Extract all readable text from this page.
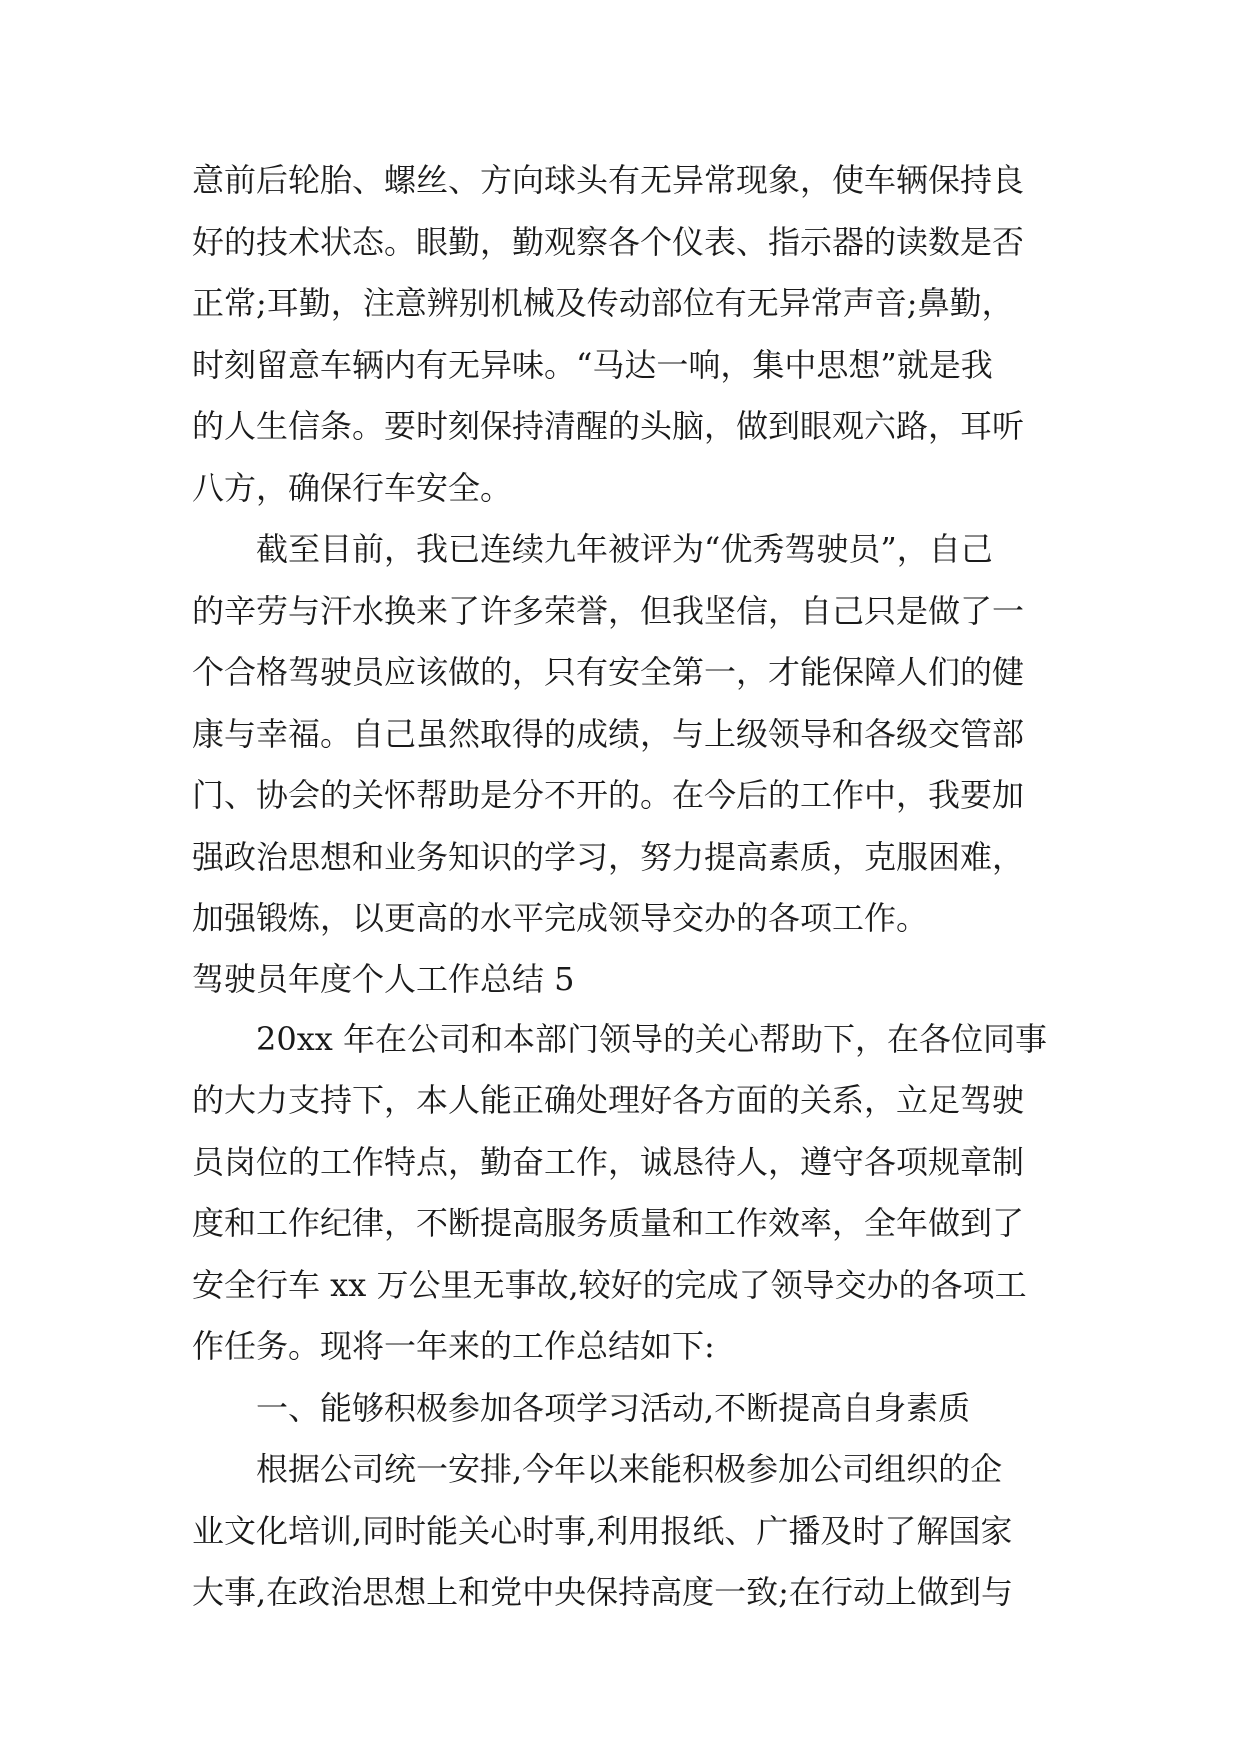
意前后轮胎、螺丝、方向球头有无异常现象，使车辆保持良
好的技术状态。眼勤，勤观察各个仪表、指示器的读数是否
正常;耳勤，注意辨别机械及传动部位有无异常声音;鼻勤，
时刻留意车辆内有无异味。“马达一响，集中思想”就是我
的人生信条。要时刻保持清醒的头脑，做到眼观六路，耳听
八方，确保行车安全。
截至目前，我已连续九年被评为“优秀驾驶员”，自己
的辛劳与汗水换来了许多荣誉，但我坚信，自己只是做了一
个合格驾驶员应该做的，只有安全第一，才能保障人们的健
康与幸福。自己虽然取得的成绩，与上级领导和各级交管部
门、协会的关怀帮助是分不开的。在今后的工作中，我要加
强政治思想和业务知识的学习，努力提高素质，克服困难，
加强锻炼，以更高的水平完成领导交办的各项工作。
驾驶员年度个人工作总结 5
20xx 年在公司和本部门领导的关心帮助下，在各位同事
的大力支持下，本人能正确处理好各方面的关系，立足驾驶
员岗位的工作特点，勤奋工作，诚恳待人，遵守各项规章制
度和工作纪律，不断提高服务质量和工作效率，全年做到了
安全行车 xx 万公里无事故,较好的完成了领导交办的各项工
作任务。现将一年来的工作总结如下:
一、能够积极参加各项学习活动,不断提高自身素质
根据公司统一安排,今年以来能积极参加公司组织的企
业文化培训,同时能关心时事,利用报纸、广播及时了解国家
大事,在政治思想上和党中央保持高度一致;在行动上做到与
